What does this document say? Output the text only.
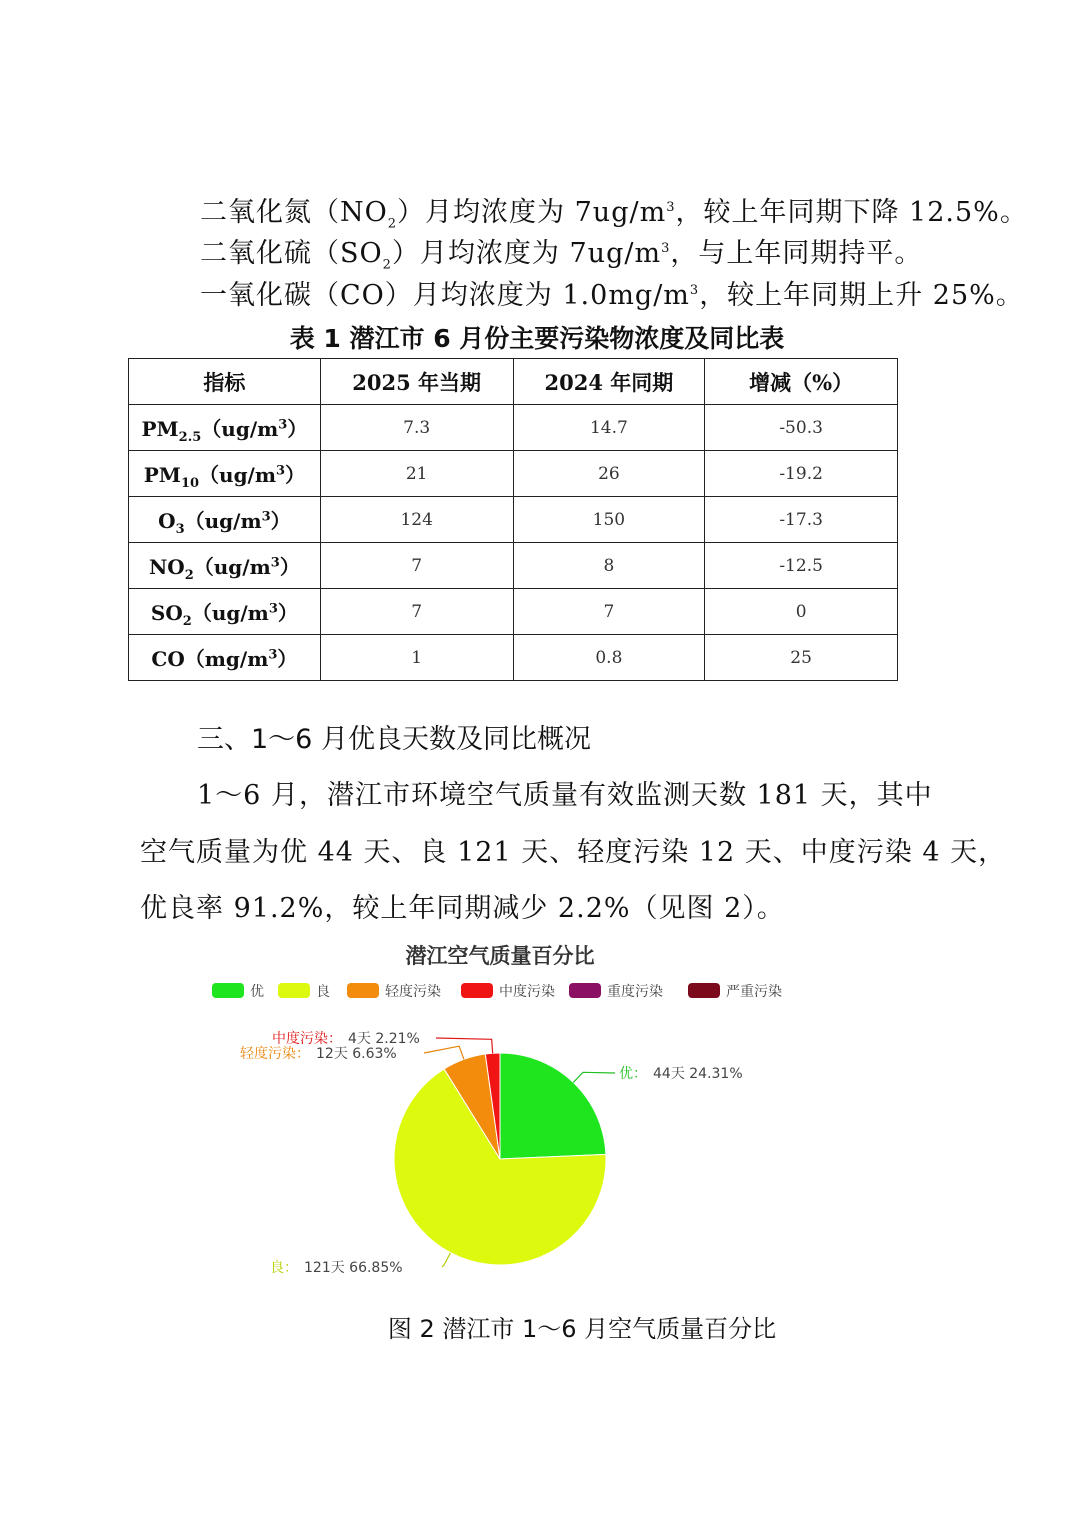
二氧化氮$(NO_2)$月均浓度为 $7ug/m^3$，较上年同期下降 12.5%。
二氧化硫$(SO_2)$月均浓度为 $7ug/m^3$，与上年同期持平。
一氧化碳（CO）月均浓度为 $1.0mg/m^3$，较上年同期上升 25%。
表 1 潜江市 6 月份主要污染物浓度及同比表
指标	2025 年当期	2024 年同期	增减（%）
$PM_{2.5}(ug/m^3)$	7.3	14.7	-50.3
$PM_{10}(ug/m^3)$	21	26	-19.2
$O_3(ug/m^3)$	124	150	-17.3
$NO_2(ug/m^3)$	7	8	-12.5
$SO_2(ug/m^3)$	7	7	0
$CO(mg/m^3)$	1	0.8	25
三、1～6 月优良天数及同比概况
1～6 月，潜江市环境空气质量有效监测天数 181 天，其中
空气质量为优 44 天、良 121 天、轻度污染 12 天、中度污染 4 天，
优良率 91.2%，较上年同期减少 2.2%（见图 2）。
潜江空气质量百分比
优	良	轻度污染	中度污染	重度污染	严重污染
优： 44天 24.31%
良： 121天 66.85%
轻度污染： 12天 6.63%
中度污染： 4天 2.21%
图 2 潜江市 1～6 月空气质量百分比
